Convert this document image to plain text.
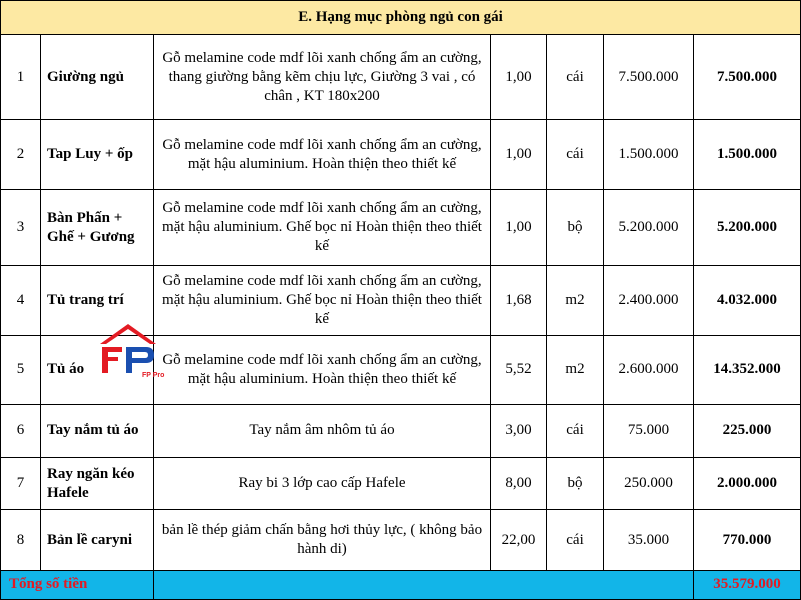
E. Hạng mục phòng ngủ con gái						
1	Giường ngủ	Gỗ melamine code mdf lõi xanh chống ẩm an cường, thang giường bằng kẽm chịu lực, Giường 3 vai , có chân , KT 180x200	1,00	cái	7.500.000	7.500.000
2	Tap Luy + ốp	Gỗ melamine code mdf lõi xanh chống ẩm an cường, mặt hậu aluminium. Hoàn thiện theo thiết kế	1,00	cái	1.500.000	1.500.000
3	Bàn Phấn + Ghế + Gương	Gỗ melamine code mdf lõi xanh chống ẩm an cường, mặt hậu aluminium. Ghế bọc nỉ Hoàn thiện theo thiết kế	1,00	bộ	5.200.000	5.200.000
4	Tủ trang trí	Gỗ melamine code mdf lõi xanh chống ẩm an cường, mặt hậu aluminium. Ghế bọc nỉ Hoàn thiện theo thiết kế	1,68	m2	2.400.000	4.032.000
5	Tủ áo	Gỗ melamine code mdf lõi xanh chống ẩm an cường, mặt hậu aluminium. Hoàn thiện theo thiết kế	5,52	m2	2.600.000	14.352.000
6	Tay nắm tủ áo	Tay nắm âm nhôm tủ áo	3,00	cái	75.000	225.000
7	Ray ngăn kéo Hafele	Ray bi 3 lớp cao cấp Hafele	8,00	bộ	250.000	2.000.000
8	Bản lề caryni	bản lề thép giảm chấn bằng hơi thủy lực, ( không bảo hành di)	22,00	cái	35.000	770.000
Tổng số tiền						35.579.000
FP Pro
